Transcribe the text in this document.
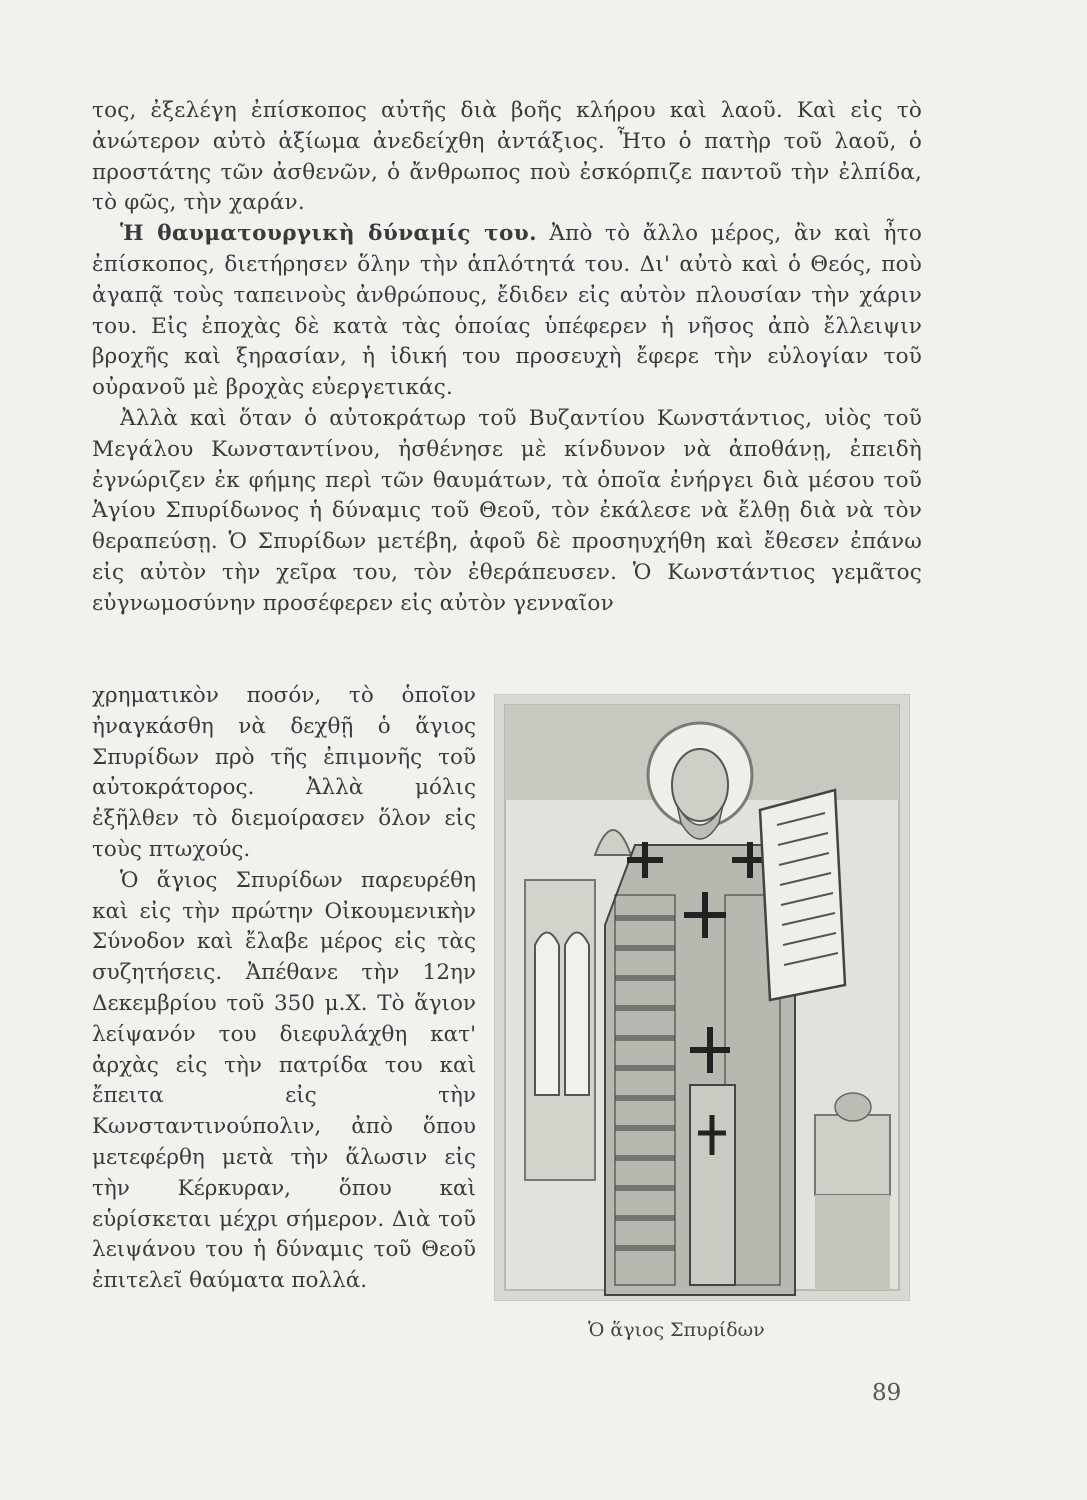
τος, ἐξελέγη ἐπίσκοπος αὐτῆς διὰ βοῆς κλήρου καὶ λαοῦ. Καὶ εἰς τὸ ἀνώτερον αὐτὸ ἀξίωμα ἀνεδείχθη ἀντάξιος. Ἦτο ὁ πατὴρ τοῦ λαοῦ, ὁ προστάτης τῶν ἀσθενῶν, ὁ ἄνθρωπος ποὺ ἐσκόρπιζε παντοῦ τὴν ἐλπίδα, τὸ φῶς, τὴν χαράν.

Ἡ θαυματουργικὴ δύναμίς του. Ἀπὸ τὸ ἄλλο μέρος, ἂν καὶ ἦτο ἐπίσκοπος, διετήρησεν ὅλην τὴν ἁπλότητά του. Δι' αὐτὸ καὶ ὁ Θεός, ποὺ ἀγαπᾷ τοὺς ταπεινοὺς ἀνθρώπους, ἔδιδεν εἰς αὐτὸν πλουσίαν τὴν χάριν του. Εἰς ἐποχὰς δὲ κατὰ τὰς ὁποίας ὑπέφερεν ἡ νῆσος ἀπὸ ἔλλειψιν βροχῆς καὶ ξηρασίαν, ἡ ἰδική του προσευχὴ ἔφερε τὴν εὐλογίαν τοῦ οὐρανοῦ μὲ βροχὰς εὐεργετικάς.

Ἀλλὰ καὶ ὅταν ὁ αὐτοκράτωρ τοῦ Βυζαντίου Κωνστάντιος, υἱὸς τοῦ Μεγάλου Κωνσταντίνου, ἠσθένησε μὲ κίνδυνον νὰ ἀποθάνῃ, ἐπειδὴ ἐγνώριζεν ἐκ φήμης περὶ τῶν θαυμάτων, τὰ ὁποῖα ἐνήργει διὰ μέσου τοῦ Ἁγίου Σπυρίδωνος ἡ δύναμις τοῦ Θεοῦ, τὸν ἐκάλεσε νὰ ἔλθῃ διὰ νὰ τὸν θεραπεύσῃ. Ὁ Σπυρίδων μετέβη, ἀφοῦ δὲ προσηυχήθη καὶ ἔθεσεν ἐπάνω εἰς αὐτὸν τὴν χεῖρα του, τὸν ἐθεράπευσεν. Ὁ Κωνστάντιος γεμᾶτος εὐγνωμοσύνην προσέφερεν εἰς αὐτὸν γενναῖον

χρηματικὸν ποσόν, τὸ ὁποῖον ἠναγκάσθη νὰ δεχθῇ ὁ ἅγιος Σπυρίδων πρὸ τῆς ἐπιμονῆς τοῦ αὐτοκράτορος. Ἀλλὰ μόλις ἐξῆλθεν τὸ διεμοίρασεν ὅλον εἰς τοὺς πτωχούς.

Ὁ ἅγιος Σπυρίδων παρευρέθη καὶ εἰς τὴν πρώτην Οἰκουμενικὴν Σύνοδον καὶ ἔλαβε μέρος εἰς τὰς συζητήσεις. Ἀπέθανε τὴν 12ην Δεκεμβρίου τοῦ 350 μ.Χ. Τὸ ἅγιον λείψανόν του διεφυλάχθη κατ' ἀρχὰς εἰς τὴν πατρίδα του καὶ ἔπειτα εἰς τὴν Κωνσταντινούπολιν, ἀπὸ ὅπου μετεφέρθη μετὰ τὴν ἅλωσιν εἰς τὴν Κέρκυραν, ὅπου καὶ εὑρίσκεται μέχρι σήμερον. Διὰ τοῦ λειψάνου του ἡ δύναμις τοῦ Θεοῦ ἐπιτελεῖ θαύματα πολλά.

Ὁ ἅγιος Σπυρίδων
89
